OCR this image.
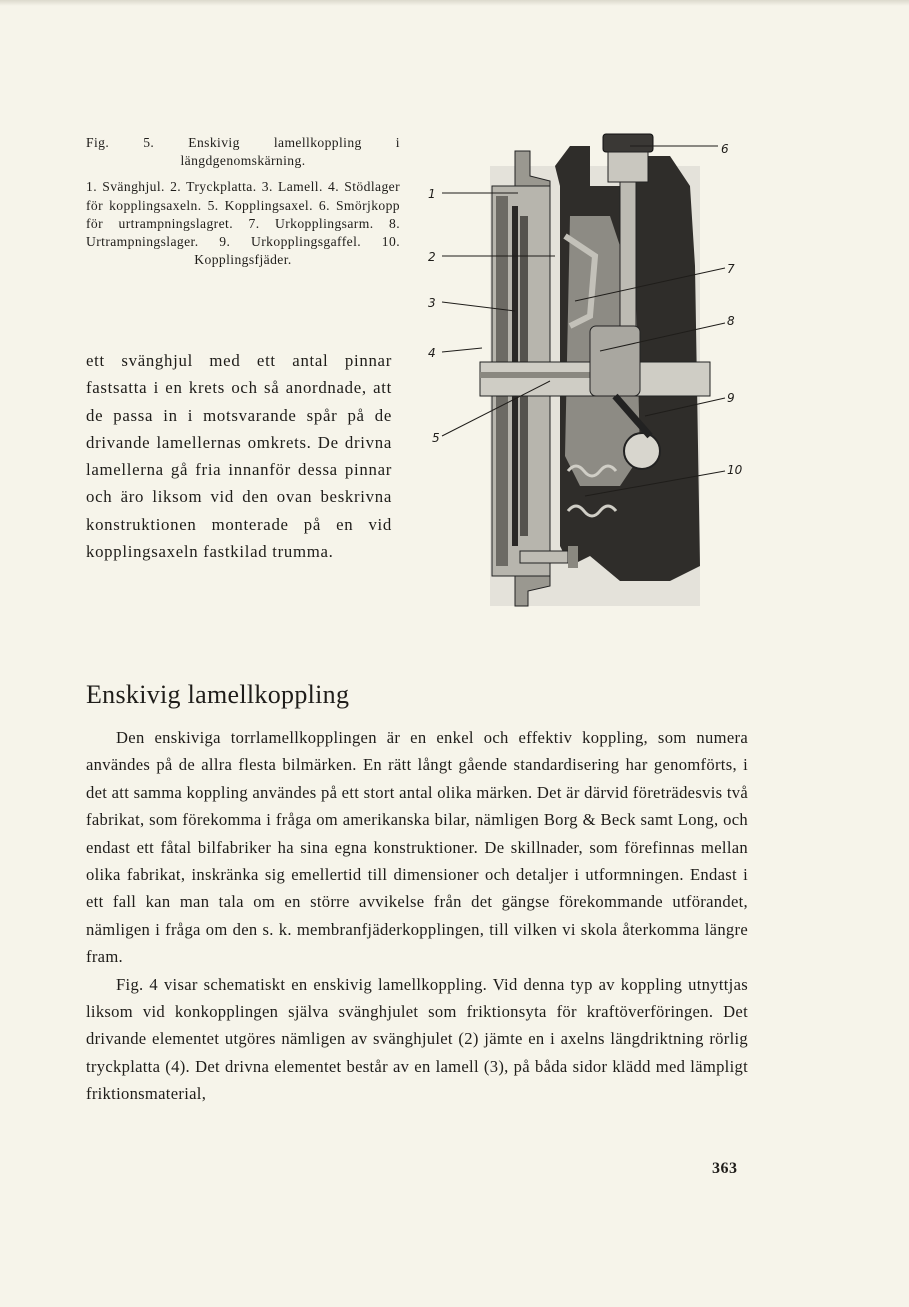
Fig. 5. Enskivig lamellkoppling i längdgenomskärning.

1. Svänghjul. 2. Tryckplatta. 3. Lamell. 4. Stödlager för kopplingsaxeln. 5. Kopplingsaxel. 6. Smörjkopp för urtrampningslagret. 7. Urkopplingsarm. 8. Urtrampningslager. 9. Urkopplingsgaffel. 10. Kopplingsfjäder.

ett svänghjul med ett antal pinnar fastsatta i en krets och så anordnade, att de passa in i motsvarande spår på de drivande lamellernas omkrets. De drivna lamellerna gå fria innanför dessa pinnar och äro liksom vid den ovan beskrivna konstruktionen monterade på en vid kopplingsaxeln fastkilad trumma.

1
2
3
4
5
6
7
8
9
10
Enskivig lamellkoppling

Den enskiviga torrlamellkopplingen är en enkel och effektiv koppling, som numera användes på de allra flesta bilmärken. En rätt långt gående standardisering har genomförts, i det att samma koppling användes på ett stort antal olika märken. Det är därvid företrädesvis två fabrikat, som förekomma i fråga om amerikanska bilar, nämligen Borg & Beck samt Long, och endast ett fåtal bilfabriker ha sina egna konstruktioner. De skillnader, som förefinnas mellan olika fabrikat, inskränka sig emellertid till dimensioner och detaljer i utformningen. Endast i ett fall kan man tala om en större avvikelse från det gängse förekommande utförandet, nämligen i fråga om den s. k. membranfjäderkopplingen, till vilken vi skola återkomma längre fram.

Fig. 4 visar schematiskt en enskivig lamellkoppling. Vid denna typ av koppling utnyttjas liksom vid konkopplingen själva svänghjulet som friktionsyta för kraftöverföringen. Det drivande elementet utgöres nämligen av svänghjulet (2) jämte en i axelns längdriktning rörlig tryckplatta (4). Det drivna elementet består av en lamell (3), på båda sidor klädd med lämpligt friktionsmaterial,

363
